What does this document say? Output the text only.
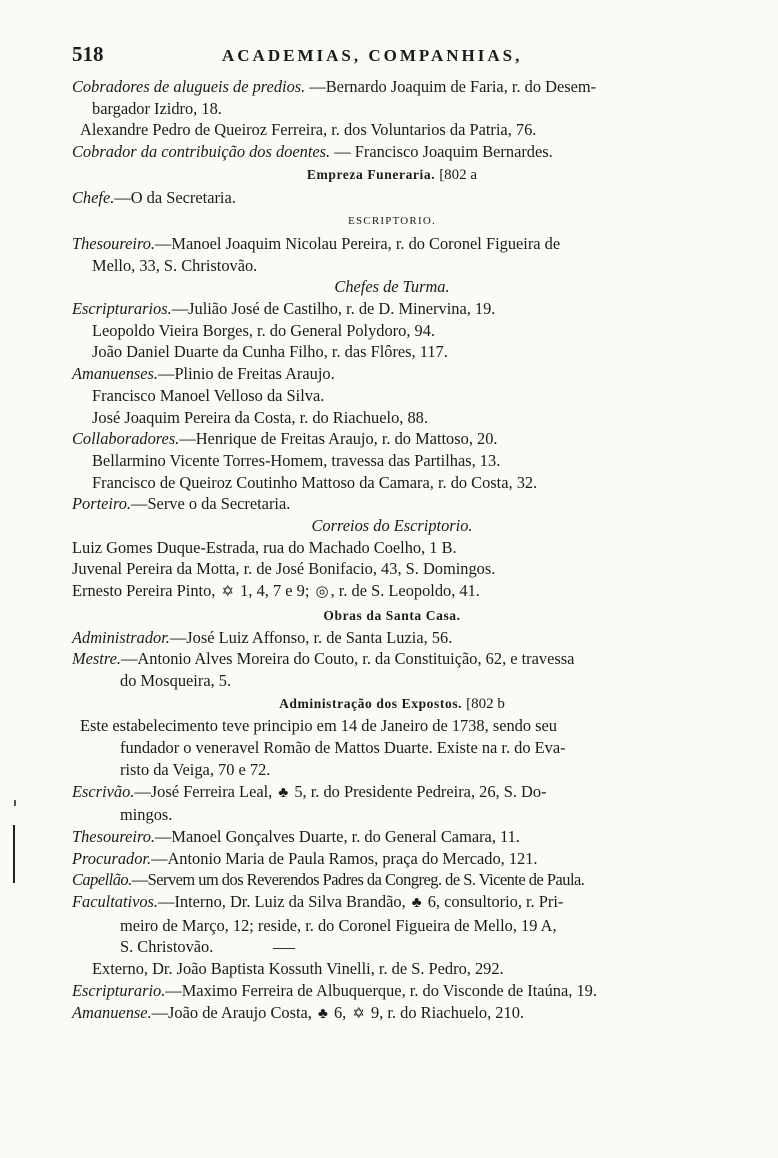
518	ACADEMIAS, COMPANHIAS,
Cobradores de alugueis de predios. —Bernardo Joaquim de Faria, r. do Desem-
bargador Izidro, 18.
Alexandre Pedro de Queiroz Ferreira, r. dos Voluntarios da Patria, 76.
Cobrador da contribuição dos doentes. — Francisco Joaquim Bernardes.
Empreza Funeraria. [802 a
Chefe.—O da Secretaria.
ESCRIPTORIO.
Thesoureiro.—Manoel Joaquim Nicolau Pereira, r. do Coronel Figueira de
Mello, 33, S. Christovão.
Chefes de Turma.
Escripturarios.—Julião José de Castilho, r. de D. Minervina, 19.
Leopoldo Vieira Borges, r. do General Polydoro, 94.
João Daniel Duarte da Cunha Filho, r. das Flôres, 117.
Amanuenses.—Plinio de Freitas Araujo.
Francisco Manoel Velloso da Silva.
José Joaquim Pereira da Costa, r. do Riachuelo, 88.
Collaboradores.—Henrique de Freitas Araujo, r. do Mattoso, 20.
Bellarmino Vicente Torres-Homem, travessa das Partilhas, 13.
Francisco de Queiroz Coutinho Mattoso da Camara, r. do Costa, 32.
Porteiro.—Serve o da Secretaria.
Correios do Escriptorio.
Luiz Gomes Duque-Estrada, rua do Machado Coelho, 1 B.
Juvenal Pereira da Motta, r. de José Bonifacio, 43, S. Domingos.
Ernesto Pereira Pinto, ✡ 1, 4, 7 e 9; ◎ , r. de S. Leopoldo, 41.
Obras da Santa Casa.
Administrador.—José Luiz Affonso, r. de Santa Luzia, 56.
Mestre.—Antonio Alves Moreira do Couto, r. da Constituição, 62, e travessa
do Mosqueira, 5.
Administração dos Expostos. [802 b
Este estabelecimento teve principio em 14 de Janeiro de 1738, sendo seu
fundador o veneravel Romão de Mattos Duarte. Existe na r. do Eva-
risto da Veiga, 70 e 72.
Escrivão.—José Ferreira Leal, ♣ 5, r. do Presidente Pedreira, 26, S. Do-
mingos.
Thesoureiro.—Manoel Gonçalves Duarte, r. do General Camara, 11.
Procurador.—Antonio Maria de Paula Ramos, praça do Mercado, 121.
Capellão.—Servem um dos Reverendos Padres da Congreg. de S. Vicente de Paula.
Facultativos.—Interno, Dr. Luiz da Silva Brandão, ♣ 6, consultorio, r. Pri-
meiro de Março, 12; reside, r. do Coronel Figueira de Mello, 19 A,
S. Christovão.
Externo, Dr. João Baptista Kossuth Vinelli, r. de S. Pedro, 292.
Escripturario.—Maximo Ferreira de Albuquerque, r. do Visconde de Itaúna, 19.
Amanuense.—João de Araujo Costa, ♣ 6, ✡ 9, r. do Riachuelo, 210.
